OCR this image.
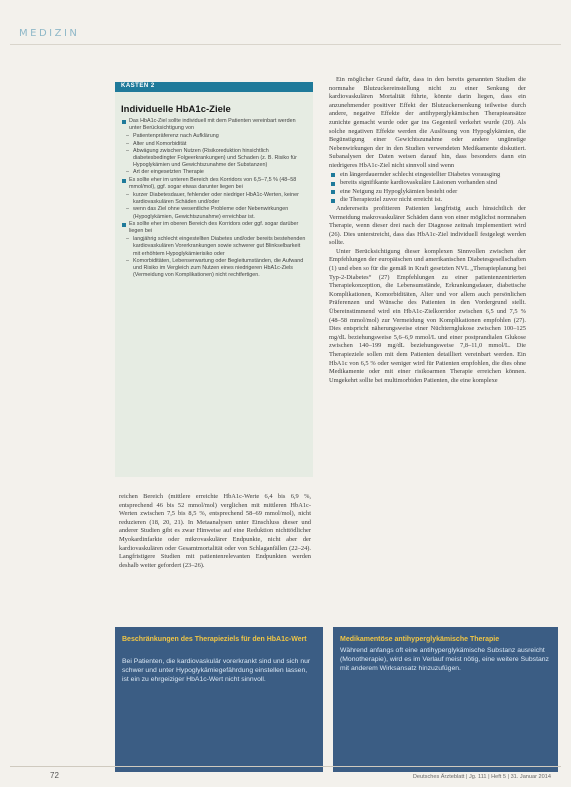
MEDIZIN
KASTEN 2
Individuelle HbA1c-Ziele
Das HbA1c-Ziel sollte individuell mit dem Patienten vereinbart werden unter Berücksichtigung von
– Patientenpräferenz nach Aufklärung
– Alter und Komorbidität
– Abwägung zwischen Nutzen (Risikoreduktion hinsichtlich diabetesbedingter Folgeerkrankungen) und Schaden (z. B. Risiko für Hypoglykämien und Gewichtszunahme der Substanzen)
– Art der eingesetzten Therapie
Es sollte eher im unteren Bereich des Korridors von 6,5–7,5 % (48–58 mmol/mol), ggf. sogar etwas darunter liegen bei
– kurzer Diabetesdauer, fehlender oder niedriger HbA1c-Werten, keiner kardiovaskulären Schäden und/oder
– wenn das Ziel ohne wesentliche Probleme oder Nebenwirkungen (Hypoglykämien, Gewichtszunahme) erreichbar ist.
Es sollte eher im oberen Bereich des Korridors oder ggf. sogar darüber liegen bei
– langjährig schlecht eingestellten Diabetes und/oder bereits bestehenden kardiovaskulären Vorerkrankungen sowie schwerer gut Blinkselbarkeit mit erhöhtem Hypoglykämierisiko oder
– Komorbiditäten, Lebenserwartung oder Begleitumständen, die Aufwand und Risiko im Vergleich zum Nutzen eines niedrigeren HbA1c-Ziels (Vermeidung von Komplikationen) nicht rechtfertigen.

reichen Bereich (mittlere erreichte HbA1c-Werte 6,4 bis 6,9 %, entsprechend 46 bis 52 mmol/mol) verglichen mit mittleren HbA1c-Werten zwischen 7,5 bis 8,5 %, entsprechend 58–69 mmol/mol), nicht reduzieren (18, 20, 21). In Metaanalysen unter Einschluss dieser und anderer Studien gibt es zwar Hinweise auf eine Reduktion nichttödlicher Myokardinfarkte oder mikrovaskulärer Endpunkte, nicht aber der kardiovaskulären oder Gesamtmortalität oder von Schlaganfällen (22–24). Langfristigere Studien mit patientenrelevanten Endpunkten werden deshalb weiter gefordert (23–26).

Ein möglicher Grund dafür, dass in den bereits genannten Studien die normnahe Blutzuckereinstellung nicht zu einer Senkung der kardiovaskulären Mortalität führte, könnte darin liegen, dass ein anzunehmender positiver Effekt der Blutzuckersenkung teilweise durch andere, negative Effekte der antihyperglykämischen Therapieansätze zunichte gemacht wurde oder gar ins Gegenteil verkehrt wurde (20). Als solche negativen Effekte werden die Auslösung von Hypoglykämien, die Begünstigung einer Gewichtszunahme oder andere ungünstige Nebenwirkungen der in den Studien verwendeten Medikamente diskutiert. Subanalysen der Daten weisen darauf hin, dass besonders dann ein niedrigeres HbA1c-Ziel nicht sinnvoll sind wenn

ein längerdauernder schlecht eingestellter Diabetes vorausging

bereits signifikante kardiovaskuläre Läsionen vorhanden sind

eine Neigung zu Hypoglykämien besteht oder

die Therapieziel zuvor nicht erreicht ist.

Andererseits profitieren Patienten langfristig auch hinsichtlich der Vermeidung makrovaskulärer Schäden dann von einer möglichst normnahen Therapie, wenn dieser drei nach der Diagnose zeitnah implementiert wird (26). Dies unterstreicht, dass das HbA1c-Ziel individuell festgelegt werden sollte.

Unter Berücksichtigung dieser komplexen Sinnvollen zwischen der Empfehlungen der europäischen und amerikanischen Diabetesgesellschaften (1) und eben so für die gemäß in Kraft gesetzten NVL „Therapieplanung bei Typ-2-Diabetes“ (27) Empfehlungen zu einer patientenzentrierten Therapiekonzeption, die Lebensumstände, Erkrankungsdauer, diabetische Komplikationen, Komorbiditäten, Alter und vor allem auch persönlichen Präferenzen und Wünsche des Patienten in den Vordergrund stellt. Übereinstimmend wird ein HbA1c-Zielkorridor zwischen 6,5 und 7,5 % (48–58 mmol/mol) zur Vermeidung von Komplikationen empfohlen (27). Dies entspricht näherungsweise einer Nüchternglukose zwischen 100–125 mg/dL beziehungsweise 5,6–6,9 mmol/L und einer postprandialen Glukose zwischen 140–199 mg/dL beziehungsweise 7,8–11,0 mmol/L. Die Therapieziele sollen mit dem Patienten detailliert vereinbart werden. Ein HbA1c von 6,5 % oder weniger wird für Patienten empfohlen, die dies ohne Medikamente oder mit einer risikoarmen Therapie erreichen können. Umgekehrt sollte bei multimorbiden Patienten, die eine komplexe

Beschränkungen des Therapieziels für den HbA1c-Wert
Bei Patienten, die kardiovaskulär vorerkrankt sind und sich nur schwer und unter Hypoglykämiegefährdung einstellen lassen, ist ein zu ehrgeiziger HbA1c-Wert nicht sinnvoll.
Medikamentöse antihyperglykämische Therapie
Während anfangs oft eine antihyperglykämische Substanz ausreicht (Monotherapie), wird es im Verlauf meist nötig, eine weitere Substanz mit anderem Wirksansatz hinzuzufügen.
72	Deutsches Ärzteblatt | Jg. 111 | Heft 5 | 31. Januar 2014
